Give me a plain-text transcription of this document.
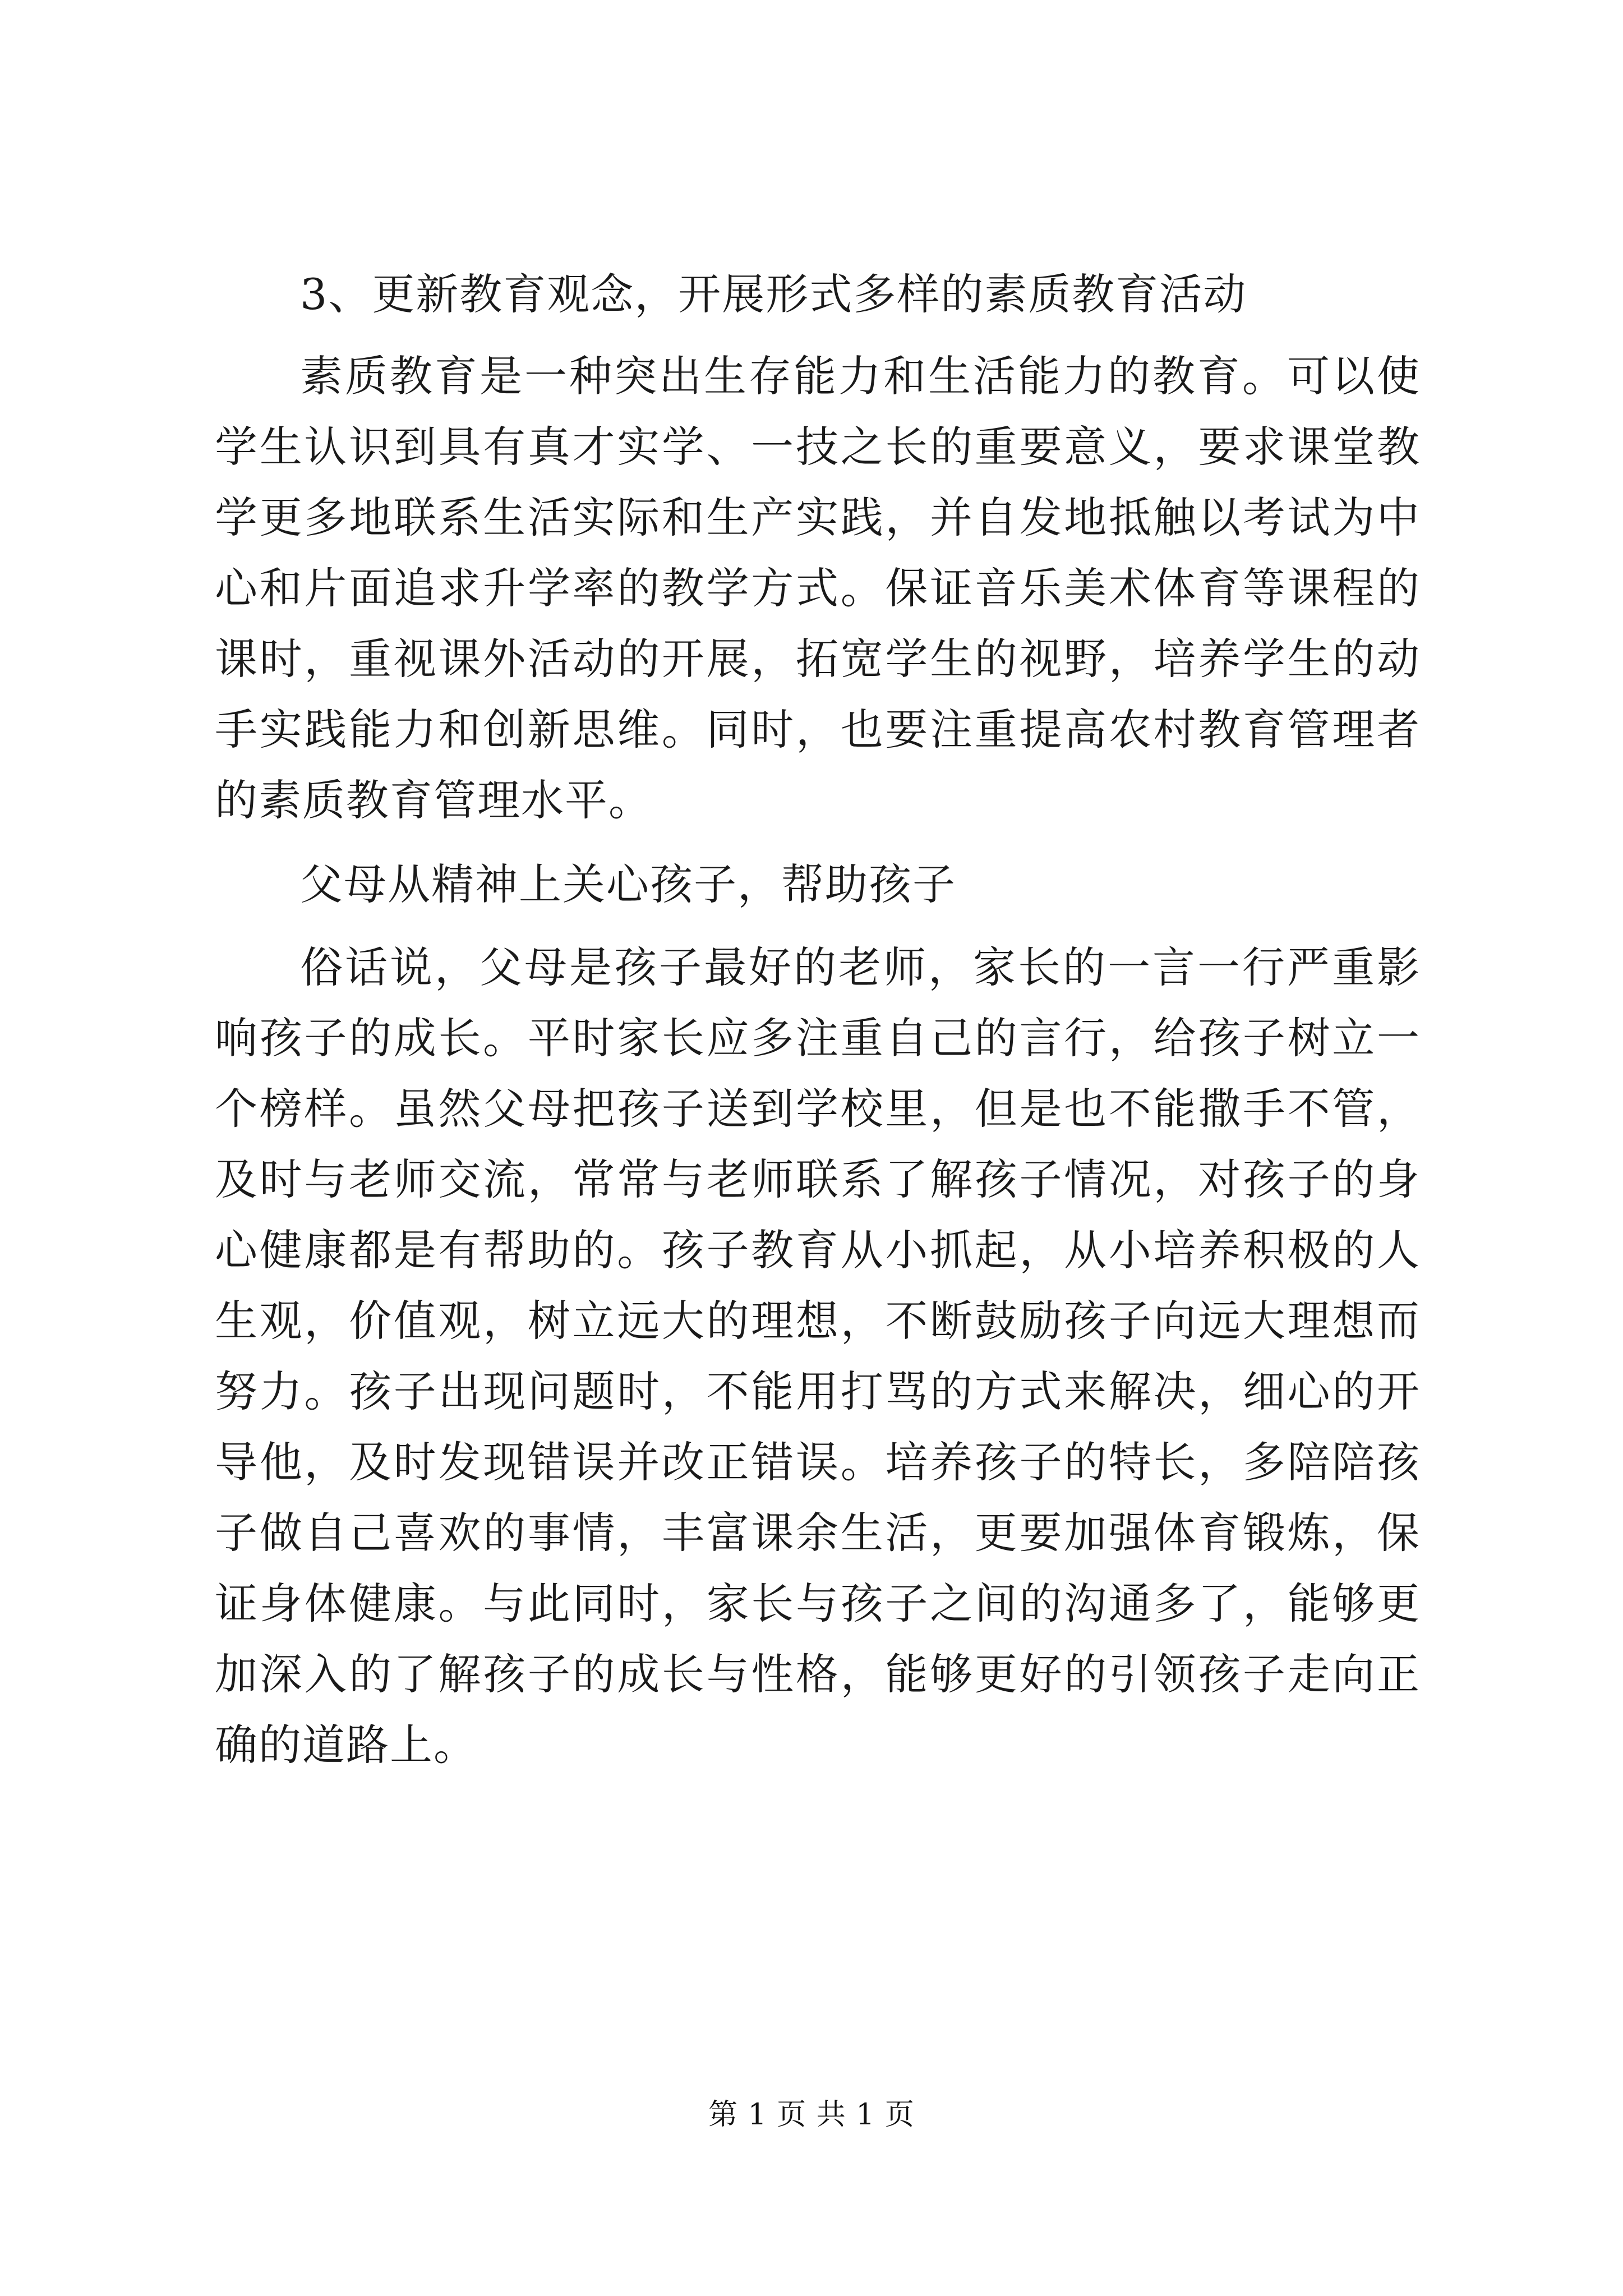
3、更新教育观念，开展形式多样的素质教育活动

素质教育是一种突出生存能力和生活能力的教育。可以使学生认识到具有真才实学、一技之长的重要意义，要求课堂教学更多地联系生活实际和生产实践，并自发地抵触以考试为中心和片面追求升学率的教学方式。保证音乐美术体育等课程的课时，重视课外活动的开展，拓宽学生的视野，培养学生的动手实践能力和创新思维。同时，也要注重提高农村教育管理者的素质教育管理水平。

父母从精神上关心孩子，帮助孩子

俗话说，父母是孩子最好的老师，家长的一言一行严重影响孩子的成长。平时家长应多注重自己的言行，给孩子树立一个榜样。虽然父母把孩子送到学校里，但是也不能撒手不管，及时与老师交流，常常与老师联系了解孩子情况，对孩子的身心健康都是有帮助的。孩子教育从小抓起，从小培养积极的人生观，价值观，树立远大的理想，不断鼓励孩子向远大理想而努力。孩子出现问题时，不能用打骂的方式来解决，细心的开导他，及时发现错误并改正错误。培养孩子的特长，多陪陪孩子做自己喜欢的事情，丰富课余生活，更要加强体育锻炼，保证身体健康。与此同时，家长与孩子之间的沟通多了，能够更加深入的了解孩子的成长与性格，能够更好的引领孩子走向正确的道路上。

第 1 页 共 1 页
